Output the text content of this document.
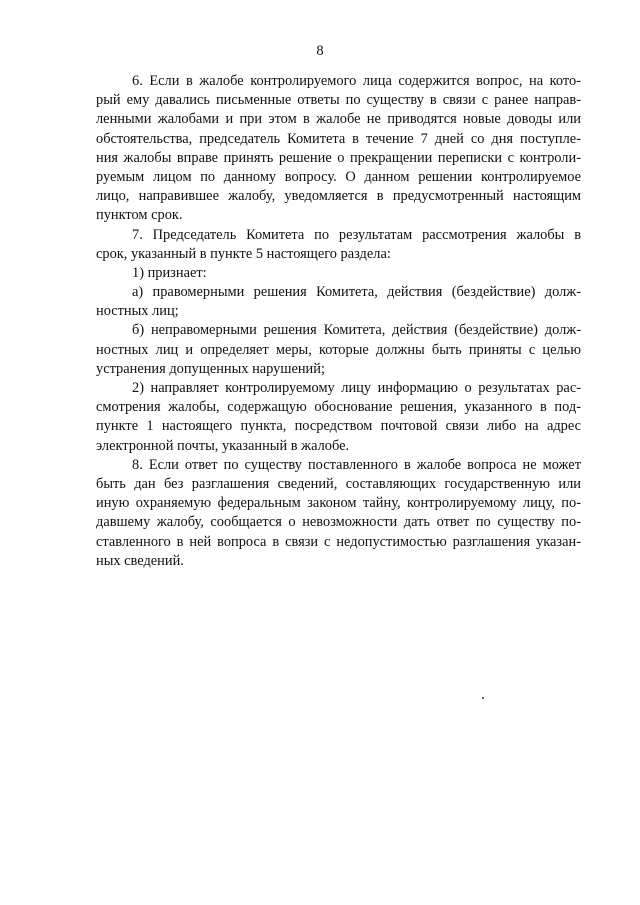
8
6. Если в жалобе контролируемого лица содержится вопрос, на кото-
рый ему давались письменные ответы по существу в связи с ранее направ-
ленными жалобами и при этом в жалобе не приводятся новые доводы или
обстоятельства, председатель Комитета в течение 7 дней со дня поступле-
ния жалобы вправе принять решение о прекращении переписки с контроли-
руемым лицом по данному вопросу. О данном решении контролируемое
лицо, направившее жалобу, уведомляется в предусмотренный настоящим
пунктом срок.
7. Председатель Комитета по результатам рассмотрения жалобы в
срок, указанный в пункте 5 настоящего раздела:
1) признает:
а) правомерными решения Комитета, действия (бездействие) долж-
ностных лиц;
б) неправомерными решения Комитета, действия (бездействие) долж-
ностных лиц и определяет меры, которые должны быть приняты с целью
устранения допущенных нарушений;
2) направляет контролируемому лицу информацию о результатах рас-
смотрения жалобы, содержащую обоснование решения, указанного в под-
пункте 1 настоящего пункта, посредством почтовой связи либо на адрес
электронной почты, указанный в жалобе.
8. Если ответ по существу поставленного в жалобе вопроса не может
быть дан без разглашения сведений, составляющих государственную или
иную охраняемую федеральным законом тайну, контролируемому лицу, по-
давшему жалобу, сообщается о невозможности дать ответ по существу по-
ставленного в ней вопроса в связи с недопустимостью разглашения указан-
ных сведений.
